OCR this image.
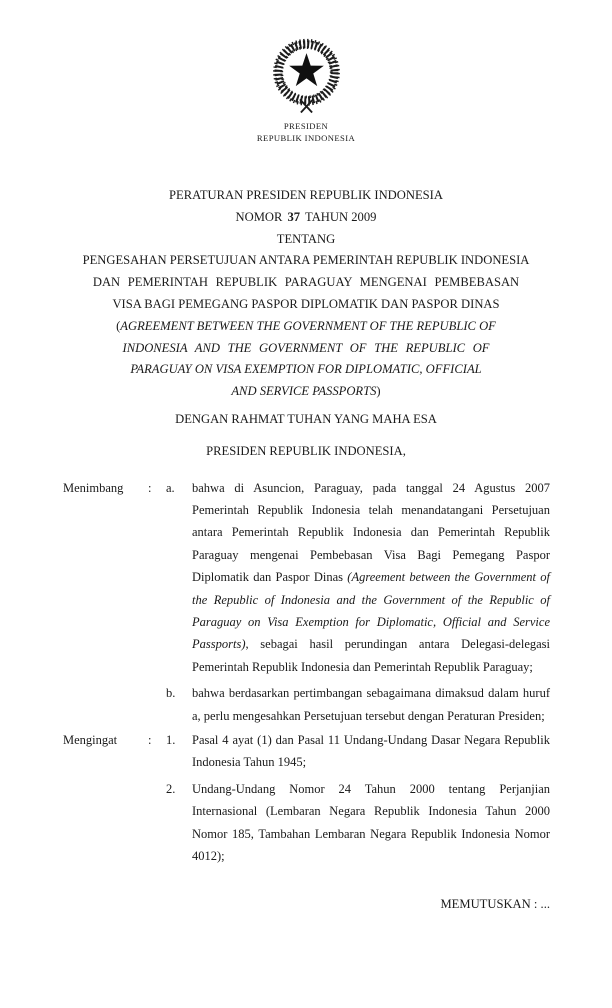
PRESIDEN
REPUBLIK INDONESIA
PERATURAN PRESIDEN REPUBLIK INDONESIA
NOMOR 37 TAHUN 2009
TENTANG
PENGESAHAN PERSETUJUAN ANTARA PEMERINTAH REPUBLIK INDONESIA
DAN PEMERINTAH REPUBLIK PARAGUAY MENGENAI PEMBEBASAN
VISA BAGI PEMEGANG PASPOR DIPLOMATIK DAN PASPOR DINAS
(AGREEMENT BETWEEN THE GOVERNMENT OF THE REPUBLIC OF
INDONESIA AND THE GOVERNMENT OF THE REPUBLIC OF
PARAGUAY ON VISA EXEMPTION FOR DIPLOMATIC, OFFICIAL
AND SERVICE PASSPORTS)
DENGAN RAHMAT TUHAN YANG MAHA ESA
PRESIDEN REPUBLIK INDONESIA,
Menimbang	:	a.	bahwa di Asuncion, Paraguay, pada tanggal 24 Agustus 2007 Pemerintah Republik Indonesia telah menandatangani Persetujuan antara Pemerintah Republik Indonesia dan Pemerintah Republik Paraguay mengenai Pembebasan Visa Bagi Pemegang Paspor Diplomatik dan Paspor Dinas (Agreement between the Government of the Republic of Indonesia and the Government of the Republic of Paraguay on Visa Exemption for Diplomatic, Official and Service Passports), sebagai hasil perundingan antara Delegasi-delegasi Pemerintah Republik Indonesia dan Pemerintah Republik Paraguay;
b.	bahwa berdasarkan pertimbangan sebagaimana dimaksud dalam huruf a, perlu mengesahkan Persetujuan tersebut dengan Peraturan Presiden;
Mengingat	:	1.	Pasal 4 ayat (1) dan Pasal 11 Undang-Undang Dasar Negara Republik Indonesia Tahun 1945;
2.	Undang-Undang Nomor 24 Tahun 2000 tentang Perjanjian Internasional (Lembaran Negara Republik Indonesia Tahun 2000 Nomor 185, Tambahan Lembaran Negara Republik Indonesia Nomor 4012);
MEMUTUSKAN : ...
